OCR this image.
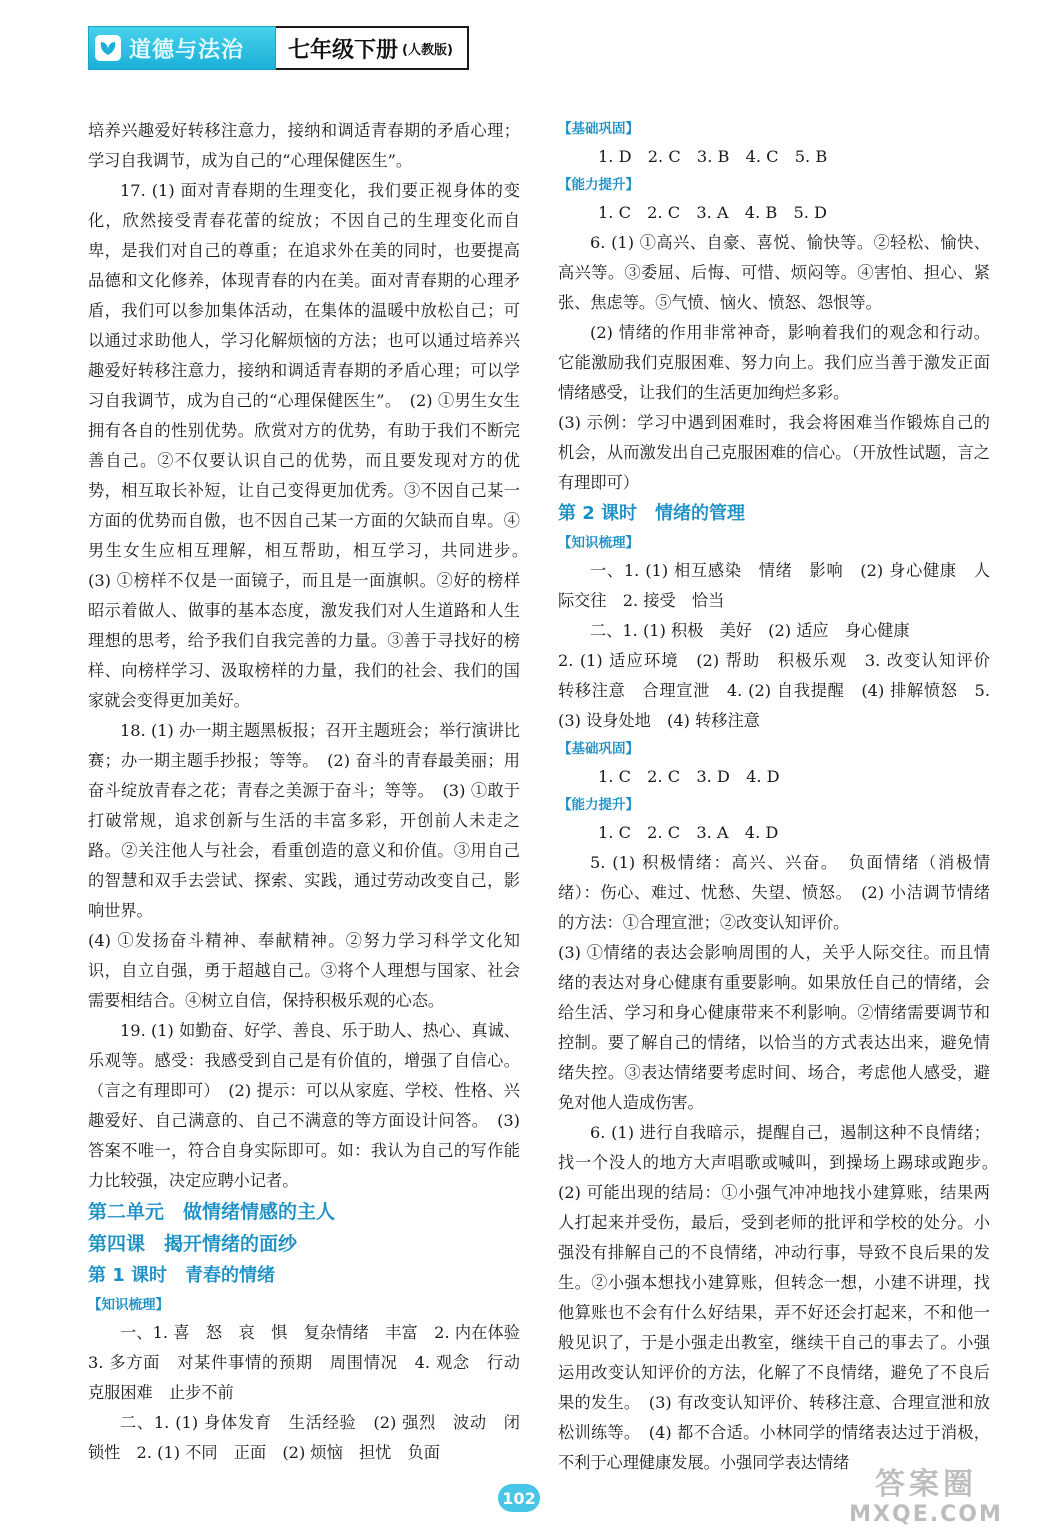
道德与法治 七年级下册 (人教版)

培养兴趣爱好转移注意力，接纳和调适青春期的矛盾心理；学习自我调节，成为自己的“心理保健医生”。

17. (1) 面对青春期的生理变化，我们要正视身体的变化，欣然接受青春花蕾的绽放；不因自己的生理变化而自卑，是我们对自己的尊重；在追求外在美的同时，也要提高品德和文化修养，体现青春的内在美。面对青春期的心理矛盾，我们可以参加集体活动，在集体的温暖中放松自己；可以通过求助他人，学习化解烦恼的方法；也可以通过培养兴趣爱好转移注意力，接纳和调适青春期的矛盾心理；可以学习自我调节，成为自己的“心理保健医生”。　(2) ①男生女生拥有各自的性别优势。欣赏对方的优势，有助于我们不断完善自己。②不仅要认识自己的优势，而且要发现对方的优势，相互取长补短，让自己变得更加优秀。③不因自己某一方面的优势而自傲，也不因自己某一方面的欠缺而自卑。④男生女生应相互理解，相互帮助，相互学习，共同进步。　(3) ①榜样不仅是一面镜子，而且是一面旗帜。②好的榜样昭示着做人、做事的基本态度，激发我们对人生道路和人生理想的思考，给予我们自我完善的力量。③善于寻找好的榜样、向榜样学习、汲取榜样的力量，我们的社会、我们的国家就会变得更加美好。

18. (1) 办一期主题黑板报；召开主题班会；举行演讲比赛；办一期主题手抄报；等等。　(2) 奋斗的青春最美丽；用奋斗绽放青春之花；青春之美源于奋斗；等等。　(3) ①敢于打破常规，追求创新与生活的丰富多彩，开创前人未走之路。②关注他人与社会，看重创造的意义和价值。③用自己的智慧和双手去尝试、探索、实践，通过劳动改变自己，影响世界。

(4) ①发扬奋斗精神、奉献精神。②努力学习科学文化知识，自立自强，勇于超越自己。③将个人理想与国家、社会需要相结合。④树立自信，保持积极乐观的心态。

19. (1) 如勤奋、好学、善良、乐于助人、热心、真诚、乐观等。感受：我感受到自己是有价值的，增强了自信心。（言之有理即可）　(2) 提示：可以从家庭、学校、性格、兴趣爱好、自己满意的、自己不满意的等方面设计问答。　(3) 答案不唯一，符合自身实际即可。如：我认为自己的写作能力比较强，决定应聘小记者。

第二单元　做情绪情感的主人

第四课　揭开情绪的面纱

第 1 课时　青春的情绪

【知识梳理】

一、1. 喜　怒　哀　惧　复杂情绪　丰富　2. 内在体验　3. 多方面　对某件事情的预期　周围情况　4. 观念　行动　克服困难　止步不前

二、1. (1) 身体发育　生活经验　(2) 强烈　波动　闭锁性　2. (1) 不同　正面　(2) 烦恼　担忧　负面

【基础巩固】

1. D　2. C　3. B　4. C　5. B

【能力提升】

1. C　2. C　3. A　4. B　5. D

6. (1) ①高兴、自豪、喜悦、愉快等。②轻松、愉快、高兴等。③委屈、后悔、可惜、烦闷等。④害怕、担心、紧张、焦虑等。⑤气愤、恼火、愤怒、怨恨等。

(2) 情绪的作用非常神奇，影响着我们的观念和行动。它能激励我们克服困难、努力向上。我们应当善于激发正面情绪感受，让我们的生活更加绚烂多彩。

(3) 示例：学习中遇到困难时，我会将困难当作锻炼自己的机会，从而激发出自己克服困难的信心。（开放性试题，言之有理即可）

第 2 课时　情绪的管理

【知识梳理】

一、1. (1) 相互感染　情绪　影响　(2) 身心健康　人际交往　2. 接受　恰当

二、1. (1) 积极　美好　(2) 适应　身心健康

2. (1) 适应环境　(2) 帮助　积极乐观　3. 改变认知评价　转移注意　合理宣泄　4. (2) 自我提醒　(4) 排解愤怒　5. (3) 设身处地　(4) 转移注意

【基础巩固】

1. C　2. C　3. D　4. D

【能力提升】

1. C　2. C　3. A　4. D

5. (1) 积极情绪：高兴、兴奋。　负面情绪（消极情绪）：伤心、难过、忧愁、失望、愤怒。　(2) 小洁调节情绪的方法：①合理宣泄；②改变认知评价。

(3) ①情绪的表达会影响周围的人，关乎人际交往。而且情绪的表达对身心健康有重要影响。如果放任自己的情绪，会给生活、学习和身心健康带来不利影响。②情绪需要调节和控制。要了解自己的情绪，以恰当的方式表达出来，避免情绪失控。③表达情绪要考虑时间、场合，考虑他人感受，避免对他人造成伤害。

6. (1) 进行自我暗示，提醒自己，遏制这种不良情绪；找一个没人的地方大声唱歌或喊叫，到操场上踢球或跑步。　(2) 可能出现的结局：①小强气冲冲地找小建算账，结果两人打起来并受伤，最后，受到老师的批评和学校的处分。小强没有排解自己的不良情绪，冲动行事，导致不良后果的发生。②小强本想找小建算账，但转念一想，小建不讲理，找他算账也不会有什么好结果，弄不好还会打起来，不和他一般见识了，于是小强走出教室，继续干自己的事去了。小强运用改变认知评价的方法，化解了不良情绪，避免了不良后果的发生。　(3) 有改变认知评价、转移注意、合理宣泄和放松训练等。　(4) 都不合适。小林同学的情绪表达过于消极，不利于心理健康发展。小强同学表达情绪

102	答案圈
MXQE.COM
